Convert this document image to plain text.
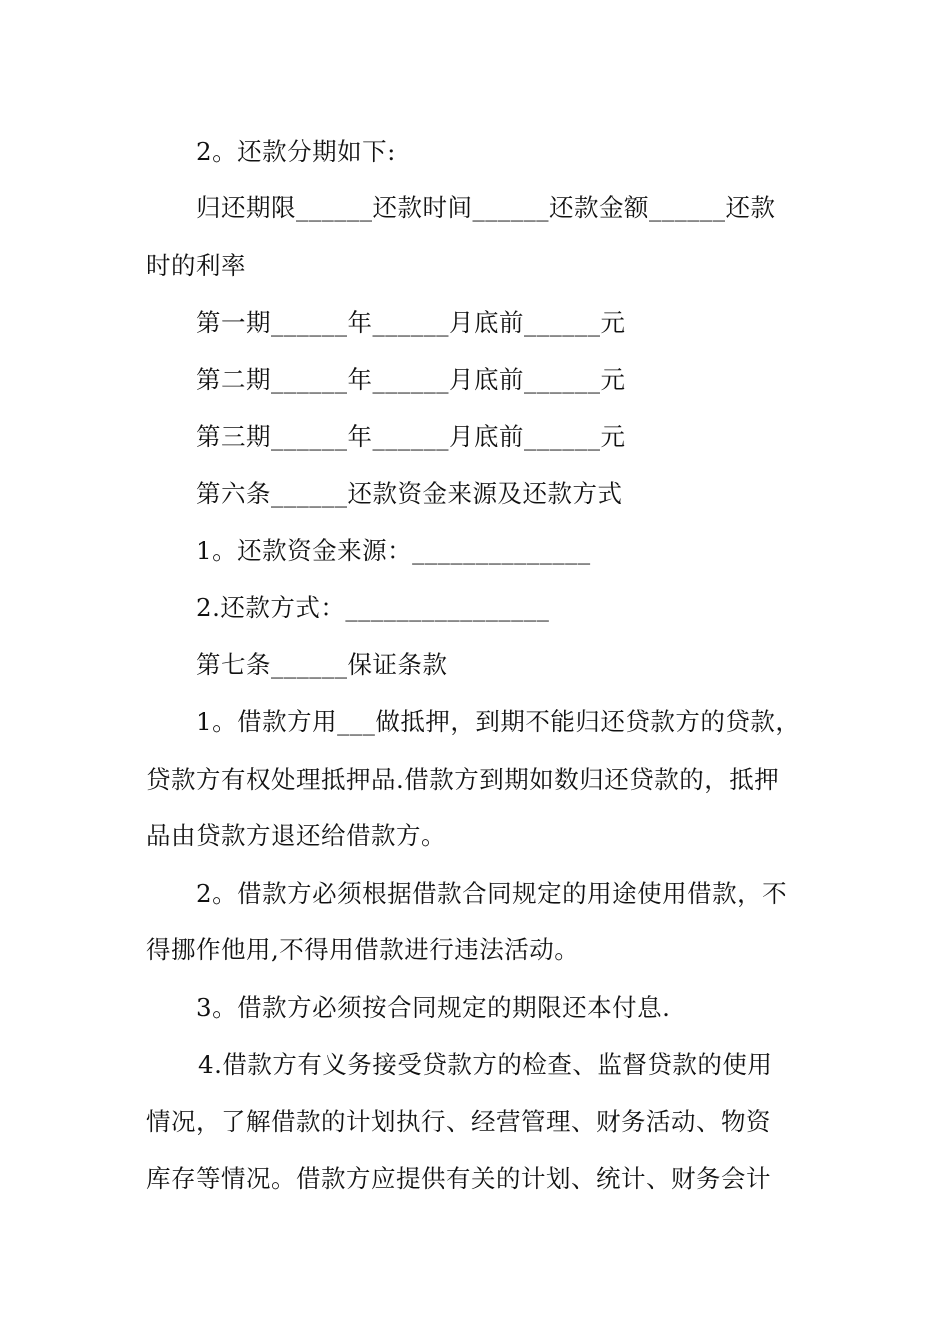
2。还款分期如下:
归还期限______还款时间______还款金额______还款
时的利率
第一期______年______月底前______元
第二期______年______月底前______元
第三期______年______月底前______元
第六条______还款资金来源及还款方式
1。还款资金来源：______________
2.还款方式：________________
第七条______保证条款
1。借款方用___做抵押，到期不能归还贷款方的贷款，
贷款方有权处理抵押品.借款方到期如数归还贷款的，抵押
品由贷款方退还给借款方。
2。借款方必须根据借款合同规定的用途使用借款，不
得挪作他用,不得用借款进行违法活动。
3。借款方必须按合同规定的期限还本付息.
4.借款方有义务接受贷款方的检查、监督贷款的使用
情况，了解借款的计划执行、经营管理、财务活动、物资
库存等情况。借款方应提供有关的计划、统计、财务会计
